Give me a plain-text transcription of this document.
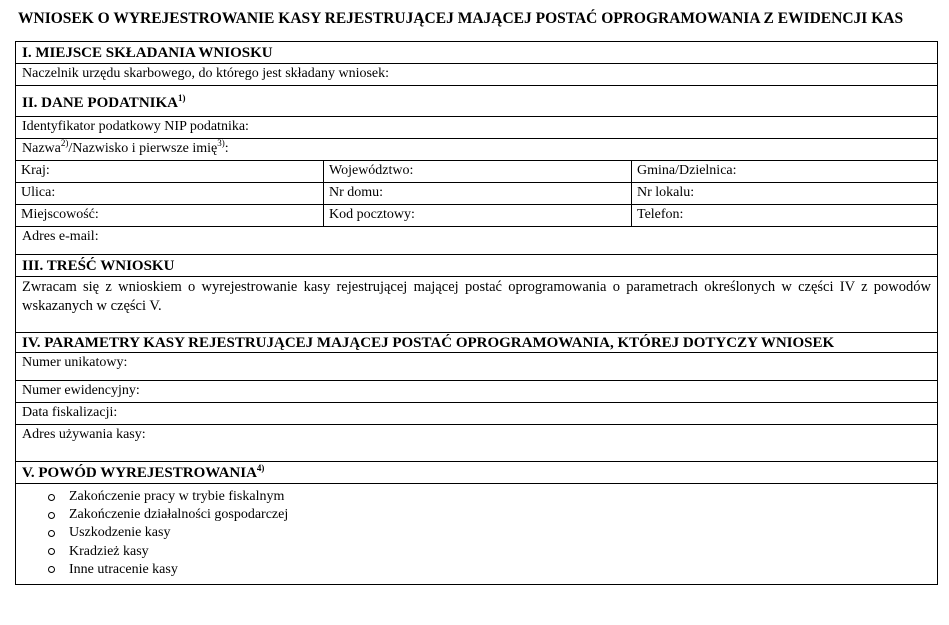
WNIOSEK O WYREJESTROWANIE KASY REJESTRUJĄCEJ MAJĄCEJ POSTAĆ OPROGRAMOWANIA Z EWIDENCJI KAS
I. MIEJSCE SKŁADANIA WNIOSKU
Naczelnik urzędu skarbowego, do którego jest składany wniosek:
II. DANE PODATNIKA$^{1)}$
Identyfikator podatkowy NIP podatnika:
Nazwa$^{2)}$/Nazwisko i pierwsze imię$^{3)}$:
Kraj:	Województwo:	Gmina/Dzielnica:
Ulica:	Nr domu:	Nr lokalu:
Miejscowość:	Kod pocztowy:	Telefon:
Adres e-mail:
III. TREŚĆ WNIOSKU
Zwracam się z wnioskiem o wyrejestrowanie kasy rejestrującej mającej postać oprogramowania o parametrach określonych w części IV z powodów wskazanych w części V.
IV. PARAMETRY KASY REJESTRUJĄCEJ MAJĄCEJ POSTAĆ OPROGRAMOWANIA, KTÓREJ DOTYCZY WNIOSEK
Numer unikatowy:
Numer ewidencyjny:
Data fiskalizacji:
Adres używania kasy:
V. POWÓD WYREJESTROWANIA$^{4)}$
Zakończenie pracy w trybie fiskalnym
Zakończenie działalności gospodarczej
Uszkodzenie kasy
Kradzież kasy
Inne utracenie kasy
